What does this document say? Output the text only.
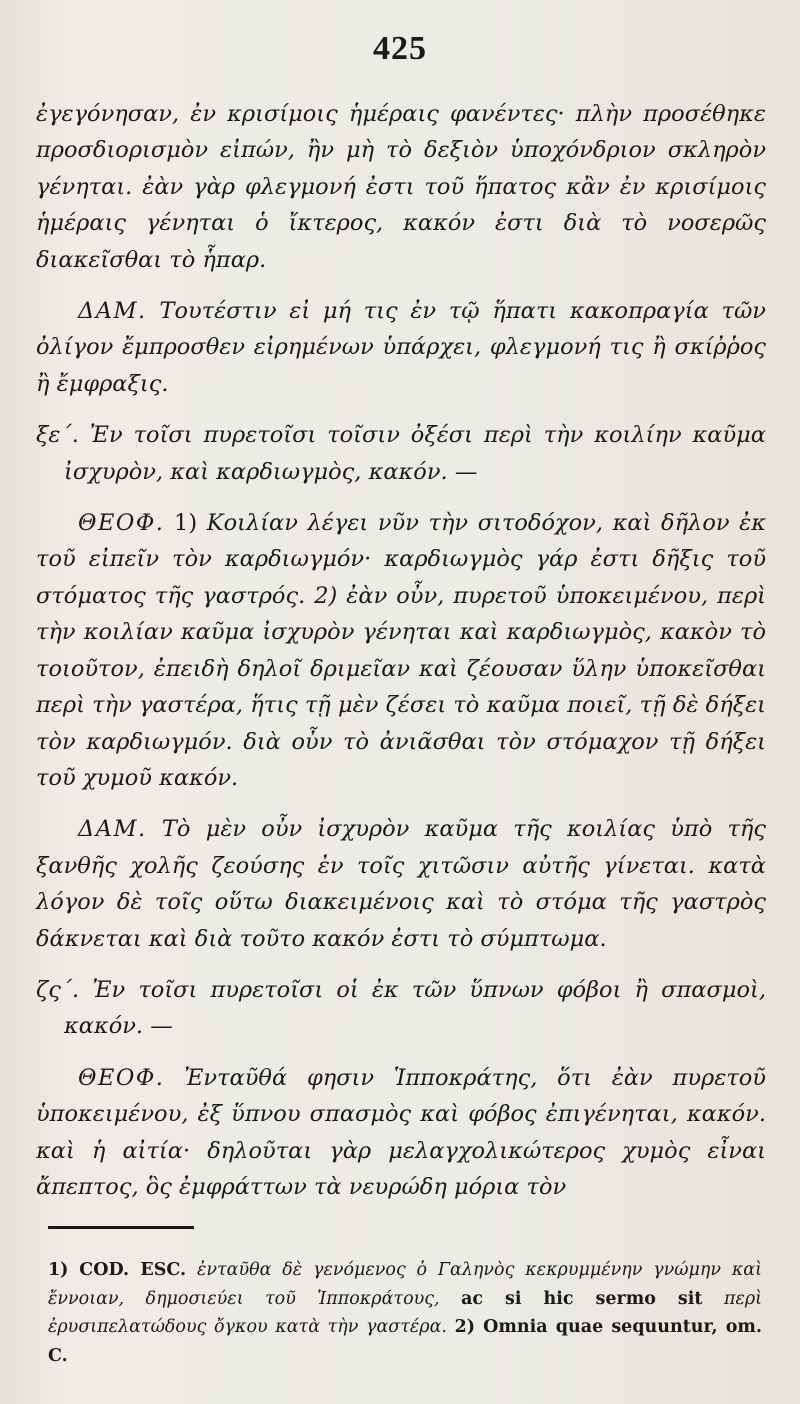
425

ἐγεγόνησαν, ἐν κρισίμοις ἡμέραις φανέντες· πλὴν προσέθηκε προσδιορισμὸν εἰπών, ἢν μὴ τὸ δεξιὸν ὑποχόνδριον σκληρὸν γένηται. ἐὰν γὰρ φλεγμονή ἐστι τοῦ ἥπατος κἂν ἐν κρισίμοις ἡμέραις γένηται ὁ ἴκτερος, κακόν ἐστι διὰ τὸ νοσερῶς διακεῖσθαι τὸ ἧπαρ.

ΔΑΜ. Τουτέστιν εἰ μή τις ἐν τῷ ἥπατι κακοπραγία τῶν ὀλίγον ἔμπροσθεν εἰρημένων ὑπάρχει, φλεγμονή τις ἢ σκίῤῥος ἢ ἔμφραξις.

ξε΄. Ἐν τοῖσι πυρετοῖσι τοῖσιν ὀξέσι περὶ τὴν κοιλίην καῦμα ἰσχυρὸν, καὶ καρδιωγμὸς, κακόν. —

ΘΕΟΦ. 1) Κοιλίαν λέγει νῦν τὴν σιτοδόχον, καὶ δῆλον ἐκ τοῦ εἰπεῖν τὸν καρδιωγμόν· καρδιωγμὸς γάρ ἐστι δῆξις τοῦ στόματος τῆς γαστρός. 2) ἐὰν οὖν, πυρετοῦ ὑποκειμένου, περὶ τὴν κοιλίαν καῦμα ἰσχυρὸν γένηται καὶ καρδιωγμὸς, κακὸν τὸ τοιοῦτον, ἐπειδὴ δηλοῖ δριμεῖαν καὶ ζέουσαν ὕλην ὑποκεῖσθαι περὶ τὴν γαστέρα, ἥτις τῇ μὲν ζέσει τὸ καῦμα ποιεῖ, τῇ δὲ δήξει τὸν καρδιωγμόν. διὰ οὖν τὸ ἀνιᾶσθαι τὸν στόμαχον τῇ δήξει τοῦ χυμοῦ κακόν.

ΔΑΜ. Τὸ μὲν οὖν ἰσχυρὸν καῦμα τῆς κοιλίας ὑπὸ τῆς ξανθῆς χολῆς ζεούσης ἐν τοῖς χιτῶσιν αὐτῆς γίνεται. κατὰ λόγον δὲ τοῖς οὕτω διακειμένοις καὶ τὸ στόμα τῆς γαστρὸς δάκνεται καὶ διὰ τοῦτο κακόν ἐστι τὸ σύμπτωμα.

ζς΄. Ἐν τοῖσι πυρετοῖσι οἱ ἐκ τῶν ὕπνων φόβοι ἢ σπασμοὶ, κακόν. —

ΘΕΟΦ. Ἐνταῦθά φησιν Ἱπποκράτης, ὅτι ἐὰν πυρετοῦ ὑποκειμένου, ἐξ ὕπνου σπασμὸς καὶ φόβος ἐπιγένηται, κακόν. καὶ ἡ αἰτία· δηλοῦται γὰρ μελαγχολικώτερος χυμὸς εἶναι ἄπεπτος, ὃς ἐμφράττων τὰ νευρώδη μόρια τὸν

1) COD. ESC. ἐνταῦθα δὲ γενόμενος ὁ Γαληνὸς κεκρυμμένην γνώμην καὶ ἔννοιαν, δημοσιεύει τοῦ Ἱπποκράτους, ac si hic sermo sit περὶ ἐρυσιπελατώδους ὄγκου κατὰ τὴν γαστέρα. 2) Omnia quae sequuntur, om. C.
